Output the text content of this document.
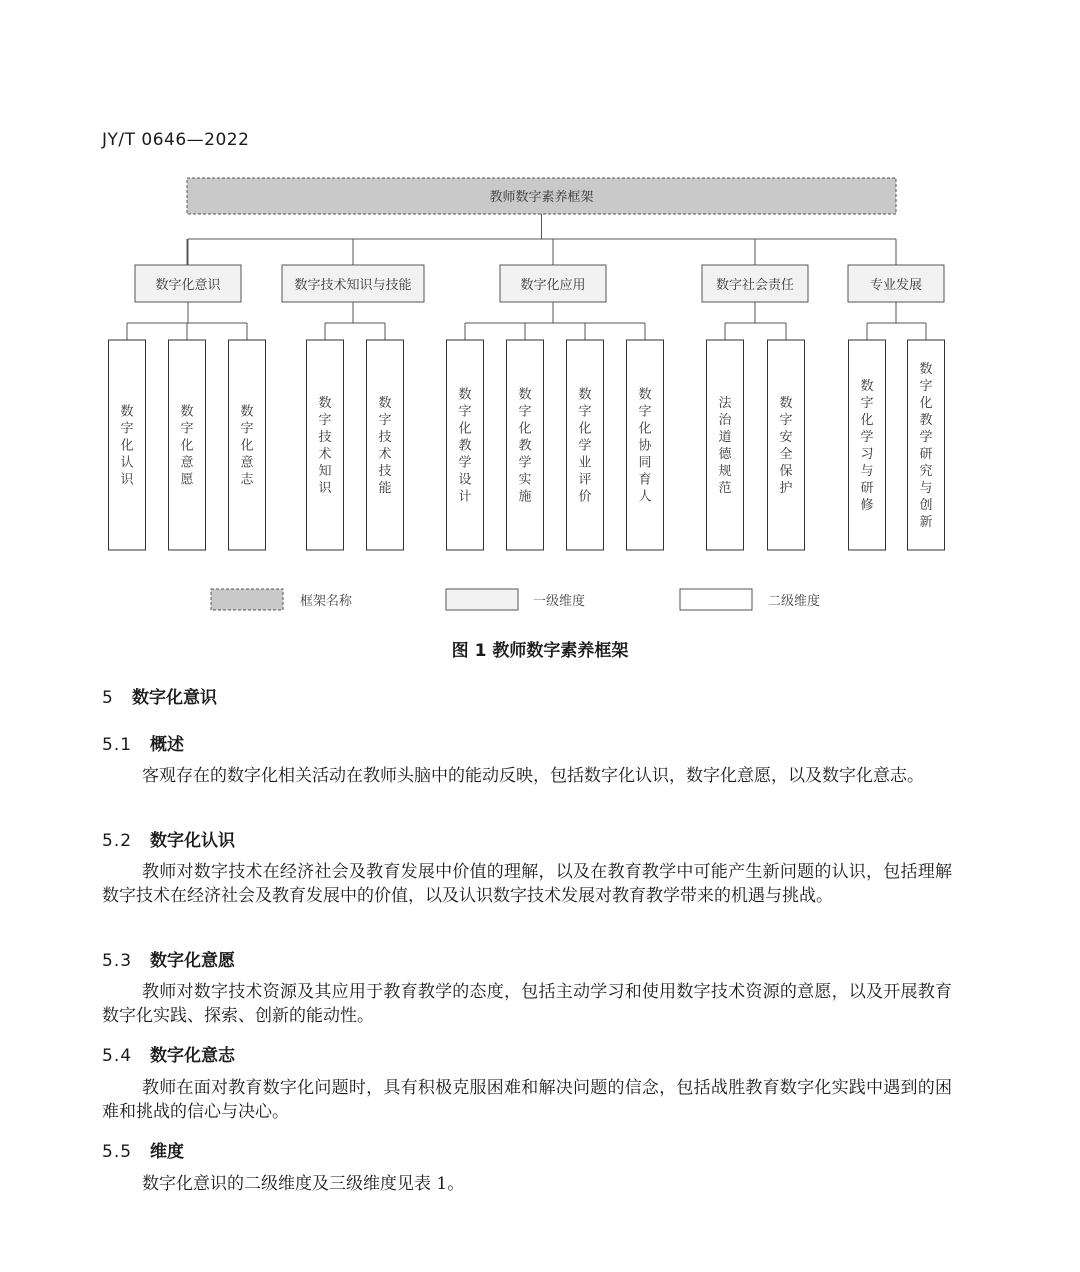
JY/T 0646—2022
教师数字素养框架
数字化意识	数字技术知识与技能	数字化应用	数字社会责任	专业发展
数字化认识
数字化意愿
数字化意志
数字技术知识
数字技术技能
数字化教学设计
数字化教学实施
数字化学业评价
数字化协同育人
法治道德规范
数字安全保护
数字化学习与研修
数字化教学研究与创新
框架名称	一级维度	二级维度
图 1 教师数字素养框架
5 数字化意识
5.1 概述
客观存在的数字化相关活动在教师头脑中的能动反映，包括数字化认识，数字化意愿，以及数字化意志。
5.2 数字化认识
教师对数字技术在经济社会及教育发展中价值的理解，以及在教育教学中可能产生新问题的认识，包括理解数字技术在经济社会及教育发展中的价值，以及认识数字技术发展对教育教学带来的机遇与挑战。
5.3 数字化意愿
教师对数字技术资源及其应用于教育教学的态度，包括主动学习和使用数字技术资源的意愿，以及开展教育数字化实践、探索、创新的能动性。
5.4 数字化意志
教师在面对教育数字化问题时，具有积极克服困难和解决问题的信念，包括战胜教育数字化实践中遇到的困难和挑战的信心与决心。
5.5 维度
数字化意识的二级维度及三级维度见表 1。
